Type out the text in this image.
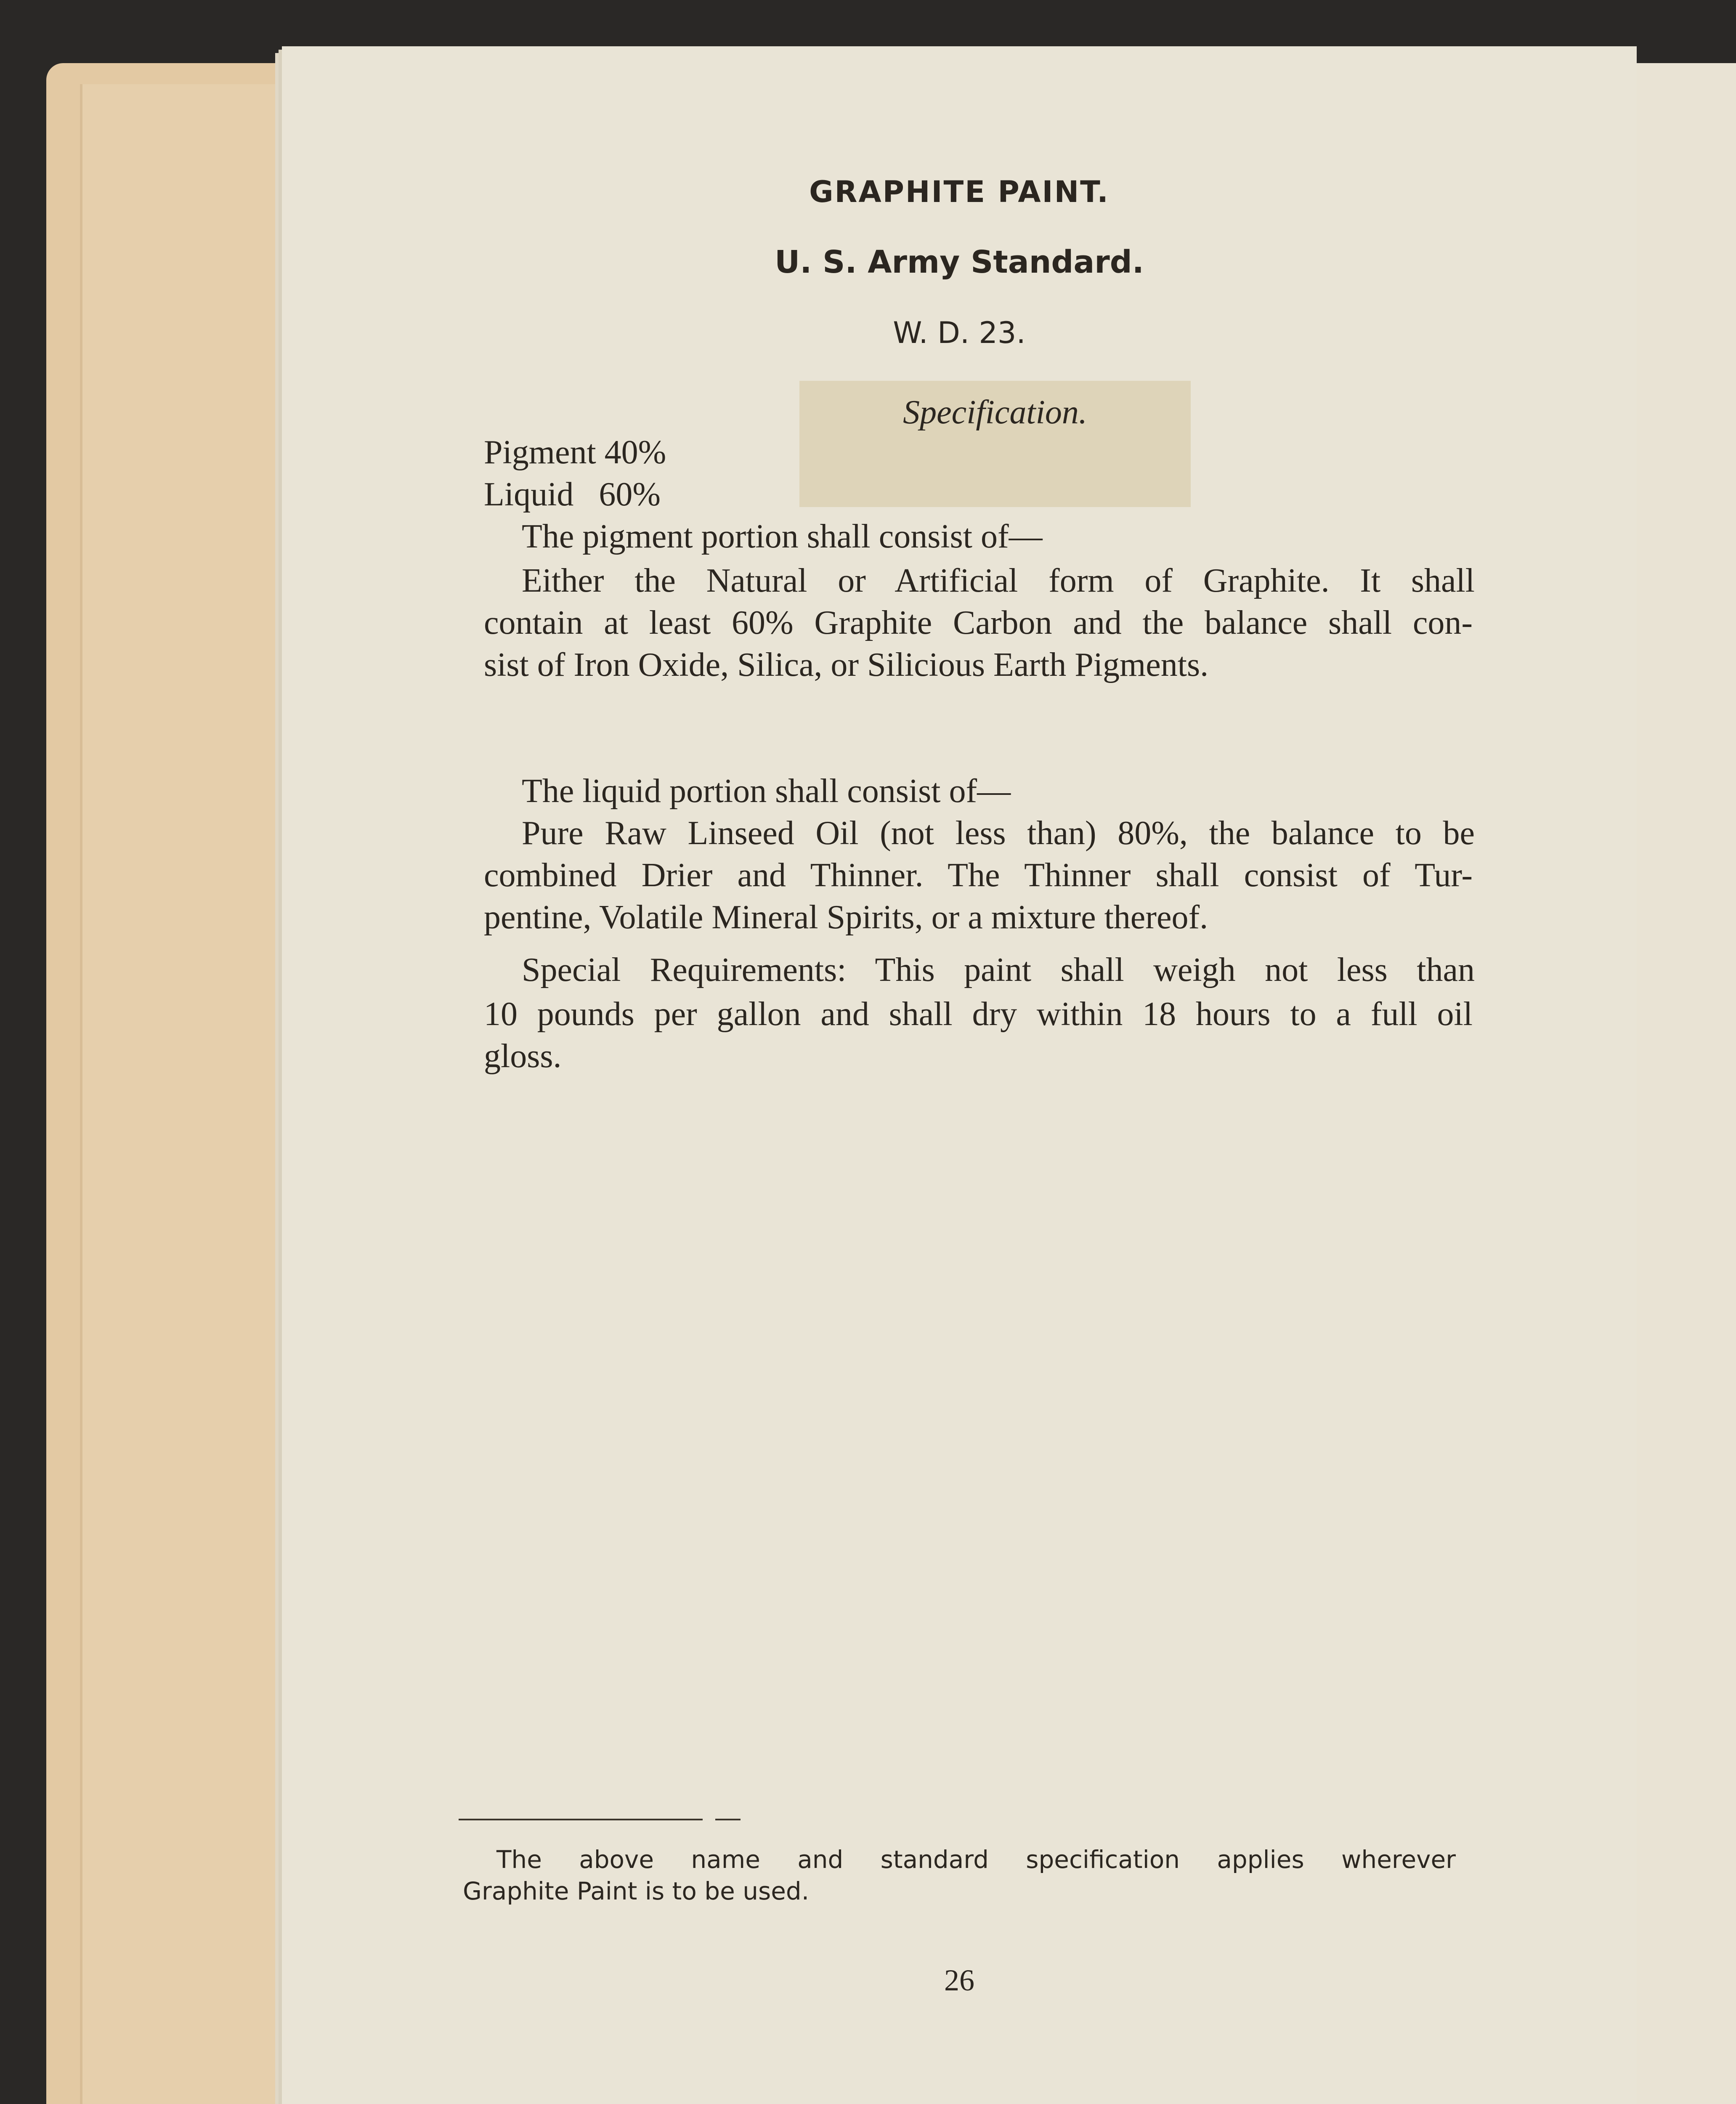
GRAPHITE PAINT.
U. S. Army Standard.
W. D. 23.
Specification.
Pigment 40%
Liquid   60%
The pigment portion shall consist of—
Either the Natural or Artificial form of Graphite. It shall
contain at least 60% Graphite Carbon and the balance shall con-
sist of Iron Oxide, Silica, or Silicious Earth Pigments.
The liquid portion shall consist of—
Pure Raw Linseed Oil (not less than) 80%, the balance to be
combined Drier and Thinner. The Thinner shall consist of Tur-
pentine, Volatile Mineral Spirits, or a mixture thereof.
Special Requirements: This paint shall weigh not less than
10 pounds per gallon and shall dry within 18 hours to a full oil
gloss.
The above name and standard specification applies wherever
Graphite Paint is to be used.
26
